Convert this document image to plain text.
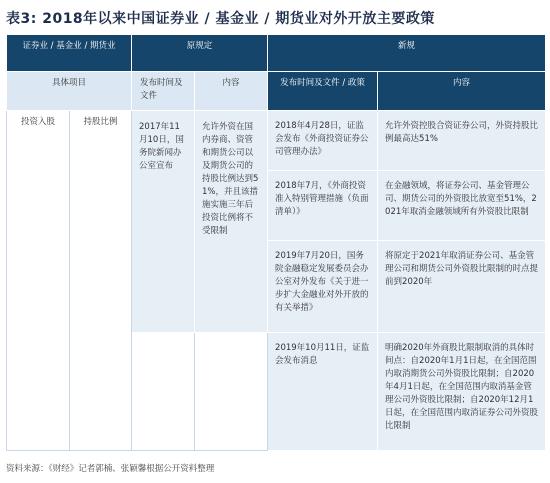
表3: 2018年以来中国证券业 / 基金业 / 期货业对外开放主要政策
证券业 / 基金业 / 期货业		原规定		新规	
具体项目		发布时间及文件	内容	发布时间及文件 / 政策	内容
投资入股	持股比例	2017年11月10日，国务院新闻办公室宣布	允许外资在国内券商、资管和期货公司以及期货公司的持股比例达到51%，并且该措施实施三年后投资比例将不受限制	2018年4月28日，证监会发布《外商投资证券公司管理办法》	允许外资控股合资证券公司，外资持股比例最高达51%
				2018年7月，《外商投资准入特别管理措施（负面清单）》	在金融领域，将证券公司、基金管理公司、期货公司的外资股比放宽至51%，2021年取消金融领域所有外资股比限制
				2019年7月20日，国务院金融稳定发展委员会办公室对外发布《关于进一步扩大金融业对外开放的有关举措》	将原定于2021年取消证券公司、基金管理公司和期货公司外资股比限制的时点提前到2020年
				2019年10月11日，证监会发布消息	明确2020年外商股比限制取消的具体时间点：自2020年1月1日起，在全国范围内取消期货公司外资股比限制；自2020年4月1日起，在全国范围内取消基金管理公司外资股比限制；自2020年12月1日起，在全国范围内取消证券公司外资股比限制
资料来源：《财经》记者郭楠、张颖馨根据公开资料整理
